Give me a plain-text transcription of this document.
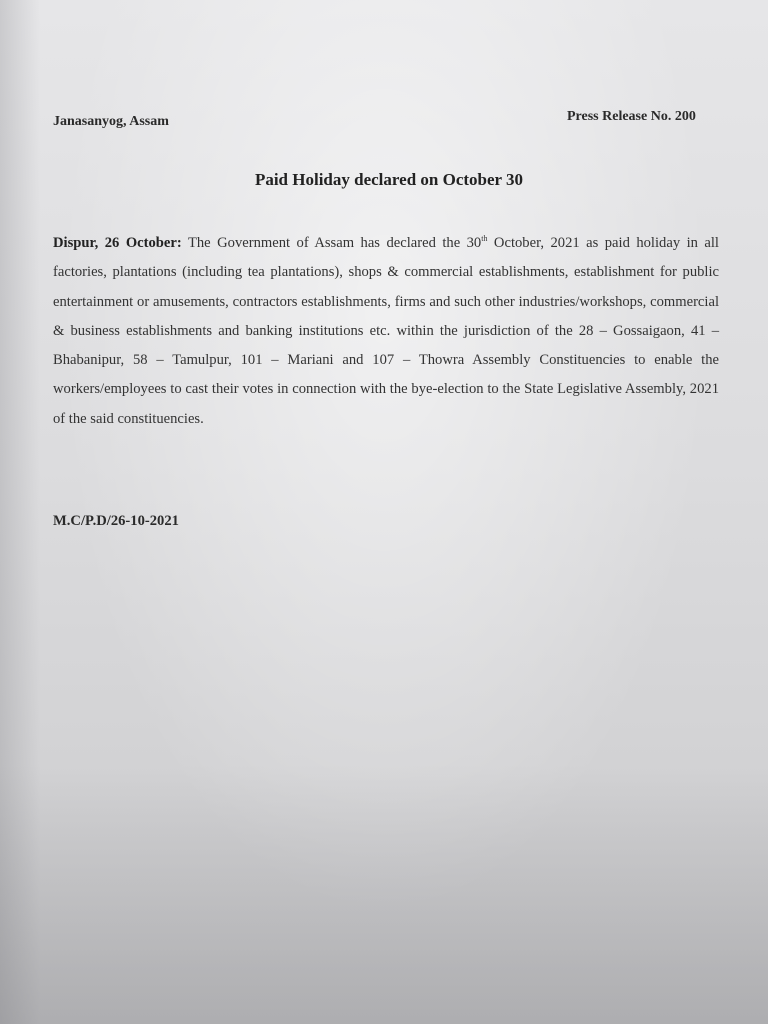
Janasanyog, Assam	Press Release No. 200
Paid Holiday declared on October 30
Dispur, 26 October: The Government of Assam has declared the 30th October, 2021 as paid holiday in all factories, plantations (including tea plantations), shops & commercial establishments, establishment for public entertainment or amusements, contractors establishments, firms and such other industries/workshops, commercial & business establishments and banking institutions etc. within the jurisdiction of the 28 – Gossaigaon, 41 – Bhabanipur, 58 – Tamulpur, 101 – Mariani and 107 – Thowra Assembly Constituencies to enable the workers/employees to cast their votes in connection with the bye-election to the State Legislative Assembly, 2021 of the said constituencies.
M.C/P.D/26-10-2021
